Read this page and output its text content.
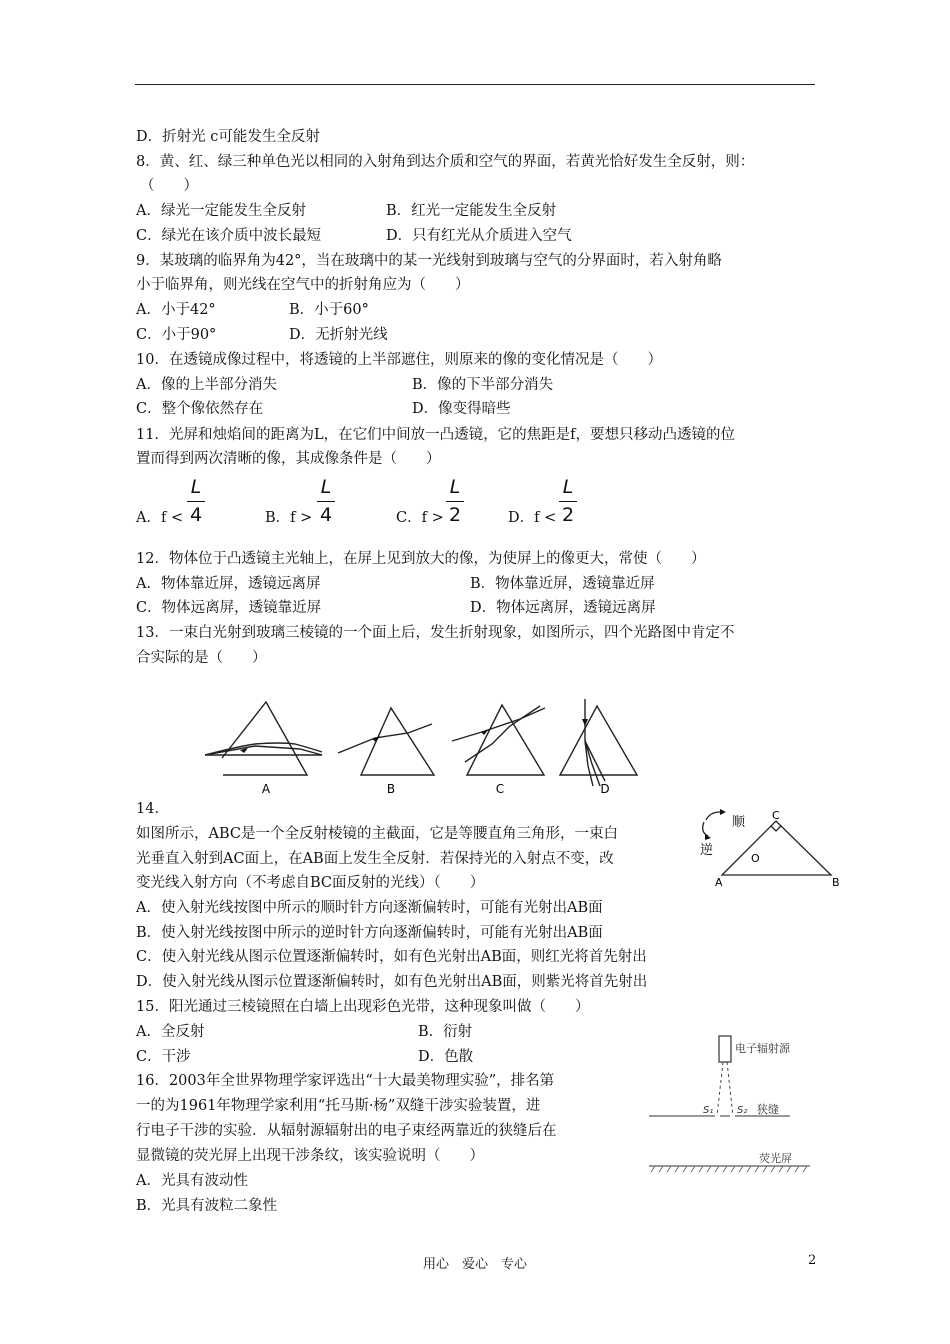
D．折射光 c可能发生全反射
8．黄、红、绿三种单色光以相同的入射角到达介质和空气的界面，若黄光恰好发生全反射，则：
（　　）
A．绿光一定能发生全反射	B．红光一定能发生全反射
C．绿光在该介质中波长最短	D．只有红光从介质进入空气
9．某玻璃的临界角为42°，当在玻璃中的某一光线射到玻璃与空气的分界面时，若入射角略
小于临界角，则光线在空气中的折射角应为（　　）
A．小于42°	B．小于60°
C．小于90°	D．无折射光线
10．在透镜成像过程中，将透镜的上半部遮住，则原来的像的变化情况是（　　）
A．像的上半部分消失	B．像的下半部分消失
C．整个像依然存在	D．像变得暗些
11．光屏和烛焰间的距离为L，在它们中间放一凸透镜，它的焦距是f，要想只移动凸透镜的位
置而得到两次清晰的像，其成像条件是（　　）
A．f <
L
4	B．f >
L
4	C．f >
L
2	D．f <
L
2
12．物体位于凸透镜主光轴上，在屏上见到放大的像，为使屏上的像更大，常使（　　）
A．物体靠近屏，透镜远离屏	B．物体靠近屏，透镜靠近屏
C．物体远离屏，透镜靠近屏	D．物体远离屏，透镜远离屏
13．一束白光射到玻璃三棱镜的一个面上后，发生折射现象，如图所示，四个光路图中肯定不
合实际的是（　　）
A	B	C	D
14．
如图所示，ABC是一个全反射棱镜的主截面，它是等腰直角三角形，一束白
光垂直入射到AC面上，在AB面上发生全反射．若保持光的入射点不变，改
变光线入射方向（不考虑自BC面反射的光线）（　　）
A．使入射光线按图中所示的顺时针方向逐渐偏转时，可能有光射出AB面
B．使入射光线按图中所示的逆时针方向逐渐偏转时，可能有光射出AB面
C．使入射光线从图示位置逐渐偏转时，如有色光射出AB面，则红光将首先射出
D．使入射光线从图示位置逐渐偏转时，如有色光射出AB面，则紫光将首先射出
A	B
C
O
顺
逆
15．阳光通过三棱镜照在白墙上出现彩色光带，这种现象叫做（　　）
A．全反射	B．衍射
C．干涉	D．色散
16．2003年全世界物理学家评选出“十大最美物理实验”，排名第
一的为1961年物理学家利用“托马斯·杨”双缝干涉实验装置，进
行电子干涉的实验．从辐射源辐射出的电子束经两靠近的狭缝后在
显微镜的荧光屏上出现干涉条纹，该实验说明（　　）
A．光具有波动性
B．光具有波粒二象性
电子辐射源
S₁ S₂ 狭缝
荧光屏
用心　爱心　专心	2
